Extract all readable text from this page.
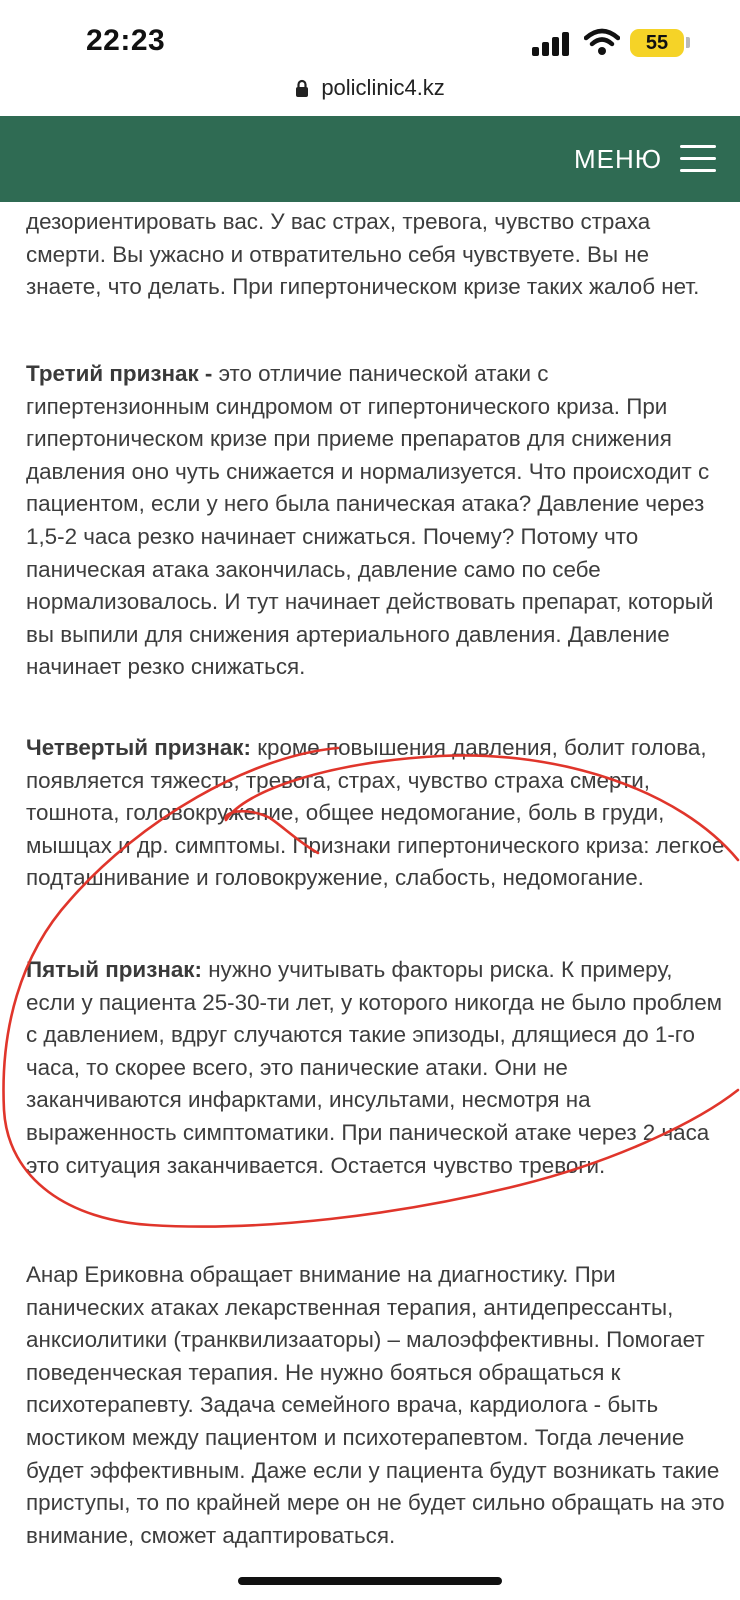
22:23	55
policlinic4.kz
МЕНЮ

дезориентировать вас. У вас страх, тревога, чувство страха смерти. Вы ужасно и отвратительно себя чувствуете. Вы не знаете, что делать. При гипертоническом кризе таких жалоб нет.

Третий признак - это отличие панической атаки с гипертензионным синдромом от гипертонического криза. При гипертоническом кризе при приеме препаратов для снижения давления оно чуть снижается и нормализуется. Что происходит с пациентом, если у него была паническая атака? Давление через 1,5-2 часа резко начинает снижаться. Почему? Потому что паническая атака закончилась, давление само по себе нормализовалось. И тут начинает действовать препарат, который вы выпили для снижения артериального давления. Давление начинает резко снижаться.

Четвертый признак: кроме повышения давления, болит голова, появляется тяжесть, тревога, страх, чувство страха смерти, тошнота, головокружение, общее недомогание, боль в груди, мышцах и др. симптомы. Признаки гипертонического криза: легкое подташнивание и головокружение, слабость, недомогание.

Пятый признак: нужно учитывать факторы риска. К примеру, если у пациента 25-30-ти лет, у которого никогда не было проблем с давлением, вдруг случаются такие эпизоды, длящиеся до 1-го часа, то скорее всего, это панические атаки. Они не заканчиваются инфарктами, инсультами, несмотря на выраженность симптоматики. При панической атаке через 2 часа это ситуация заканчивается. Остается чувство тревоги.

Анар Ериковна обращает внимание на диагностику. При панических атаках лекарственная терапия, антидепрессанты, анксиолитики (транквилизааторы) – малоэффективны. Помогает поведенческая терапия. Не нужно бояться обращаться к психотерапевту. Задача семейного врача, кардиолога - быть мостиком между пациентом и психотерапевтом. Тогда лечение будет эффективным. Даже если у пациента будут возникать такие приступы, то по крайней мере он не будет сильно обращать на это внимание, сможет адаптироваться.
